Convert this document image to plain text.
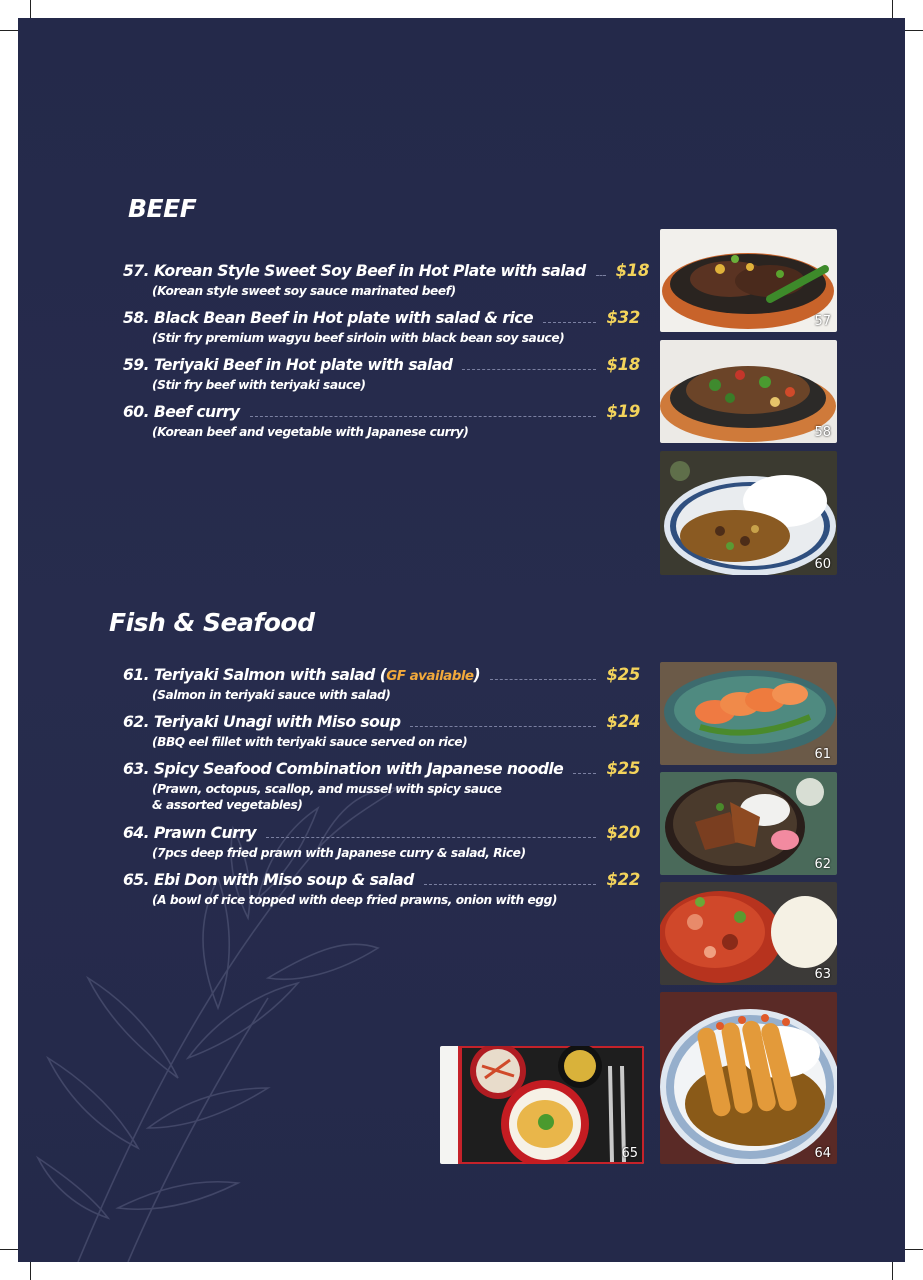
BEEF
57. Korean Style Sweet Soy Beef in Hot Plate with salad $18
(Korean style sweet soy sauce marinated beef)
58. Black Bean Beef in Hot plate with salad & rice	$32
(Stir fry premium wagyu beef sirloin with black bean soy sauce)
59. Teriyaki Beef in Hot plate with salad	$18
(Stir fry beef with teriyaki sauce)
60. Beef curry	$19
(Korean beef and vegetable with Japanese curry)
57
58
60
Fish & Seafood
61. Teriyaki Salmon with salad (GF available)	$25
(Salmon in teriyaki sauce with salad)
62. Teriyaki Unagi with Miso soup	$24
(BBQ eel fillet with teriyaki sauce served on rice)
63. Spicy Seafood Combination with Japanese noodle	$25
(Prawn, octopus, scallop, and mussel with spicy sauce
& assorted vegetables)
64. Prawn Curry	$20
(7pcs deep fried prawn with Japanese curry & salad, Rice)
65. Ebi Don with Miso soup & salad	$22
(A bowl of rice topped with deep fried prawns, onion with egg)
61
62
63
64
65
